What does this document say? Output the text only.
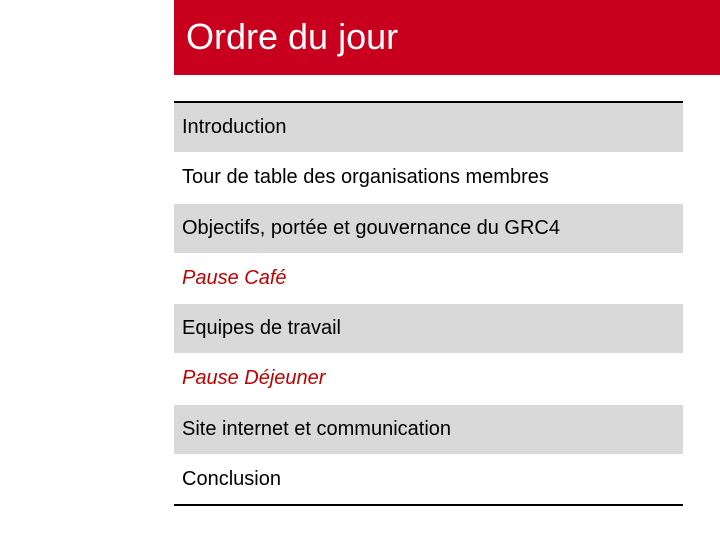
Ordre du jour
Introduction
Tour de table des organisations membres
Objectifs, portée et gouvernance du GRC4
Pause Café
Equipes de travail
Pause Déjeuner
Site internet et communication
Conclusion
